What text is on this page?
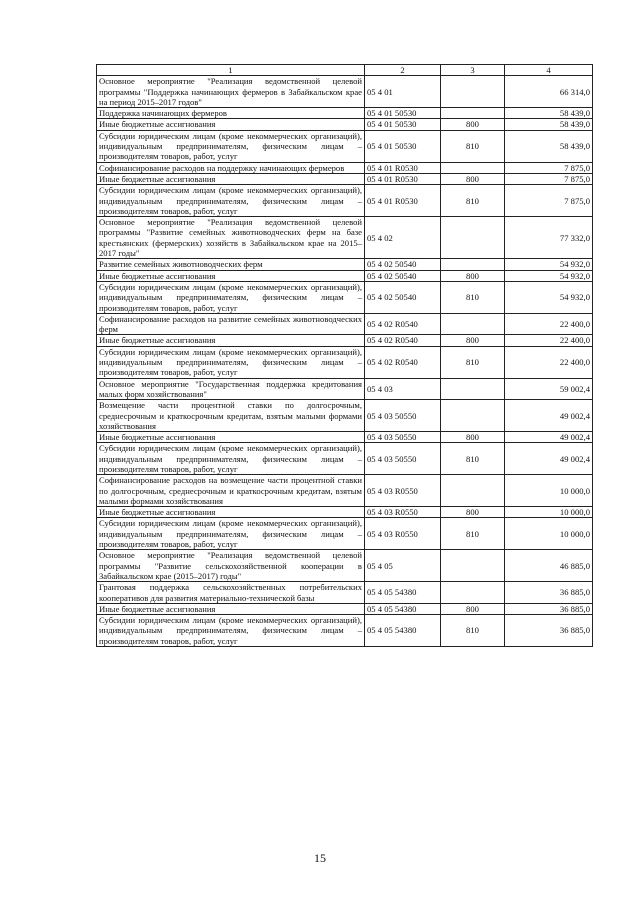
1	2	3	4
Основное мероприятие "Реализация ведомственной целевой программы "Поддержка начинающих фермеров в Забайкальском крае на период 2015–2017 годов"	05 4 01		66 314,0
Поддержка начинающих фермеров	05 4 01 50530		58 439,0
Иные бюджетные ассигнования	05 4 01 50530	800	58 439,0
Субсидии юридическим лицам (кроме некоммерческих организаций), индивидуальным предпринимателям, физическим лицам – производителям товаров, работ, услуг	05 4 01 50530	810	58 439,0
Софинансирование расходов на поддержку начинающих фермеров	05 4 01 R0530		7 875,0
Иные бюджетные ассигнования	05 4 01 R0530	800	7 875,0
Субсидии юридическим лицам (кроме некоммерческих организаций), индивидуальным предпринимателям, физическим лицам – производителям товаров, работ, услуг	05 4 01 R0530	810	7 875,0
Основное мероприятие "Реализация ведомственной целевой программы "Развитие семейных животноводческих ферм на базе крестьянских (фермерских) хозяйств в Забайкальском крае на 2015–2017 годы"	05 4 02		77 332,0
Развитие семейных животноводческих ферм	05 4 02 50540		54 932,0
Иные бюджетные ассигнования	05 4 02 50540	800	54 932,0
Субсидии юридическим лицам (кроме некоммерческих организаций), индивидуальным предпринимателям, физическим лицам – производителям товаров, работ, услуг	05 4 02 50540	810	54 932,0
Софинансирование расходов на развитие семейных животноводческих ферм	05 4 02 R0540		22 400,0
Иные бюджетные ассигнования	05 4 02 R0540	800	22 400,0
Субсидии юридическим лицам (кроме некоммерческих организаций), индивидуальным предпринимателям, физическим лицам – производителям товаров, работ, услуг	05 4 02 R0540	810	22 400,0
Основное мероприятие "Государственная поддержка кредитования малых форм хозяйствования"	05 4 03		59 002,4
Возмещение части процентной ставки по долгосрочным, среднесрочным и краткосрочным кредитам, взятым малыми формами хозяйствования	05 4 03 50550		49 002,4
Иные бюджетные ассигнования	05 4 03 50550	800	49 002,4
Субсидии юридическим лицам (кроме некоммерческих организаций), индивидуальным предпринимателям, физическим лицам – производителям товаров, работ, услуг	05 4 03 50550	810	49 002,4
Софинансирование расходов на возмещение части процентной ставки по долгосрочным, среднесрочным и краткосрочным кредитам, взятым малыми формами хозяйствования	05 4 03 R0550		10 000,0
Иные бюджетные ассигнования	05 4 03 R0550	800	10 000,0
Субсидии юридическим лицам (кроме некоммерческих организаций), индивидуальным предпринимателям, физическим лицам – производителям товаров, работ, услуг	05 4 03 R0550	810	10 000,0
Основное мероприятие "Реализация ведомственной целевой программы "Развитие сельскохозяйственной кооперации в Забайкальском крае (2015–2017) годы"	05 4 05		46 885,0
Грантовая поддержка сельскохозяйственных потребительских кооперативов для развития материально-технической базы	05 4 05 54380		36 885,0
Иные бюджетные ассигнования	05 4 05 54380	800	36 885,0
Субсидии юридическим лицам (кроме некоммерческих организаций), индивидуальным предпринимателям, физическим лицам – производителям товаров, работ, услуг	05 4 05 54380	810	36 885,0
15
